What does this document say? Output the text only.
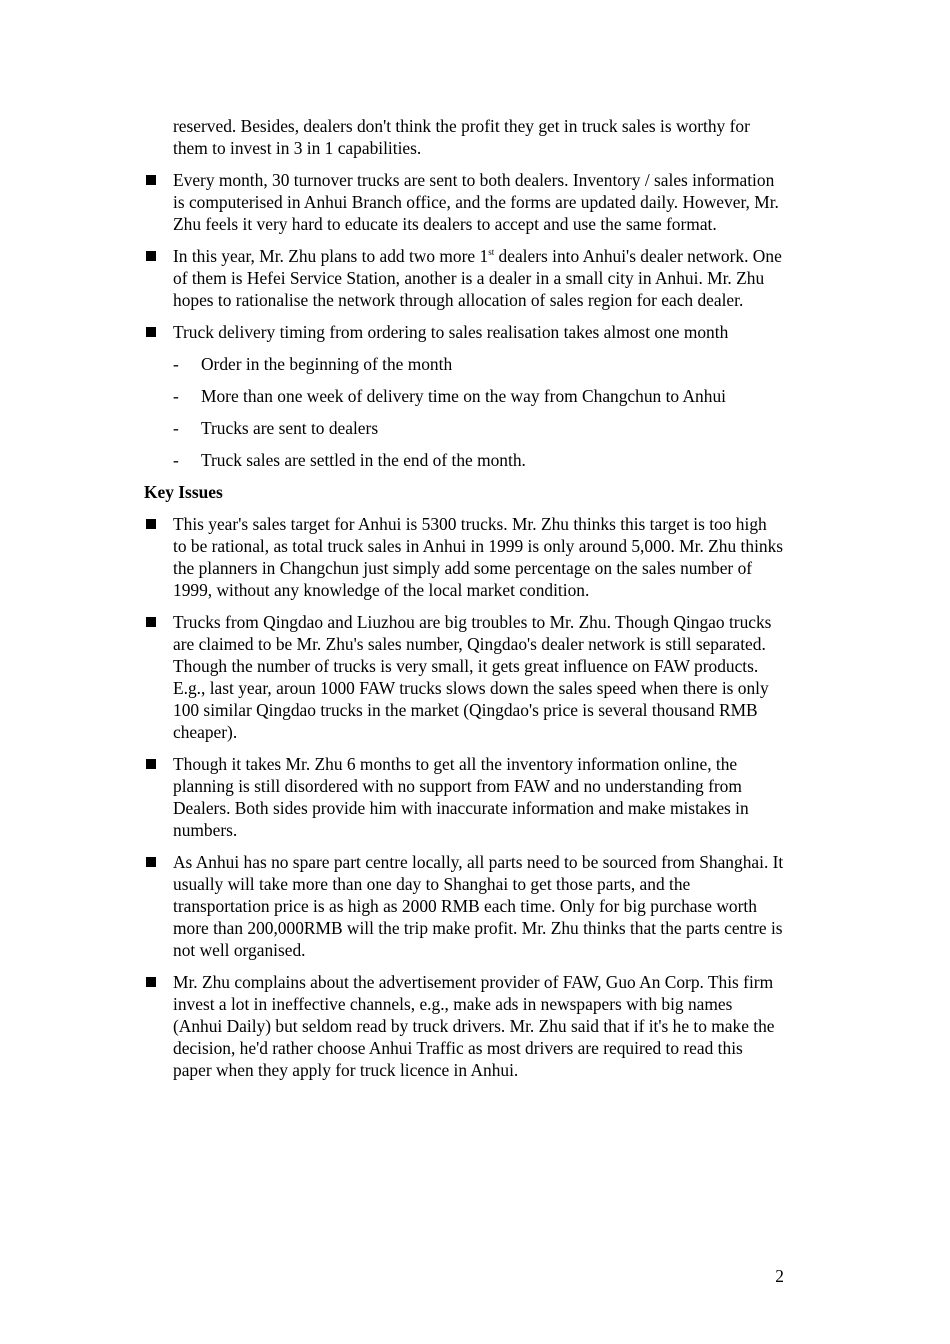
reserved. Besides, dealers don't think the profit they get in truck sales is worthy for them to invest in 3 in 1 capabilities.

Every month, 30 turnover trucks are sent to both dealers. Inventory / sales information is computerised in Anhui Branch office, and the forms are updated daily. However, Mr. Zhu feels it very hard to educate its dealers to accept and use the same format.
In this year, Mr. Zhu plans to add two more 1st dealers into Anhui's dealer network. One of them is Hefei Service Station, another is a dealer in a small city in Anhui. Mr. Zhu hopes to rationalise the network through allocation of sales region for each dealer.
Truck delivery timing from ordering to sales realisation takes almost one month
- Order in the beginning of the month
- More than one week of delivery time on the way from Changchun to Anhui
- Trucks are sent to dealers
- Truck sales are settled in the end of the month.

Key Issues

This year's sales target for Anhui is 5300 trucks. Mr. Zhu thinks this target is too high to be rational, as total truck sales in Anhui in 1999 is only around 5,000. Mr. Zhu thinks the planners in Changchun just simply add some percentage on the sales number of 1999, without any knowledge of the local market condition.
Trucks from Qingdao and Liuzhou are big troubles to Mr. Zhu. Though Qingao trucks are claimed to be Mr. Zhu's sales number, Qingdao's dealer network is still separated. Though the number of trucks is very small, it gets great influence on FAW products. E.g., last year, aroun 1000 FAW trucks slows down the sales speed when there is only 100 similar Qingdao trucks in the market (Qingdao's price is several thousand RMB cheaper).
Though it takes Mr. Zhu 6 months to get all the inventory information online, the planning is still disordered with no support from FAW and no understanding from Dealers. Both sides provide him with inaccurate information and make mistakes in numbers.
As Anhui has no spare part centre locally, all parts need to be sourced from Shanghai. It usually will take more than one day to Shanghai to get those parts, and the transportation price is as high as 2000 RMB each time. Only for big purchase worth more than 200,000RMB will the trip make profit. Mr. Zhu thinks that the parts centre is not well organised.
Mr. Zhu complains about the advertisement provider of FAW, Guo An Corp. This firm invest a lot in ineffective channels, e.g., make ads in newspapers with big names (Anhui Daily) but seldom read by truck drivers. Mr. Zhu said that if it's he to make the decision, he'd rather choose Anhui Traffic as most drivers are required to read this paper when they apply for truck licence in Anhui.
2
